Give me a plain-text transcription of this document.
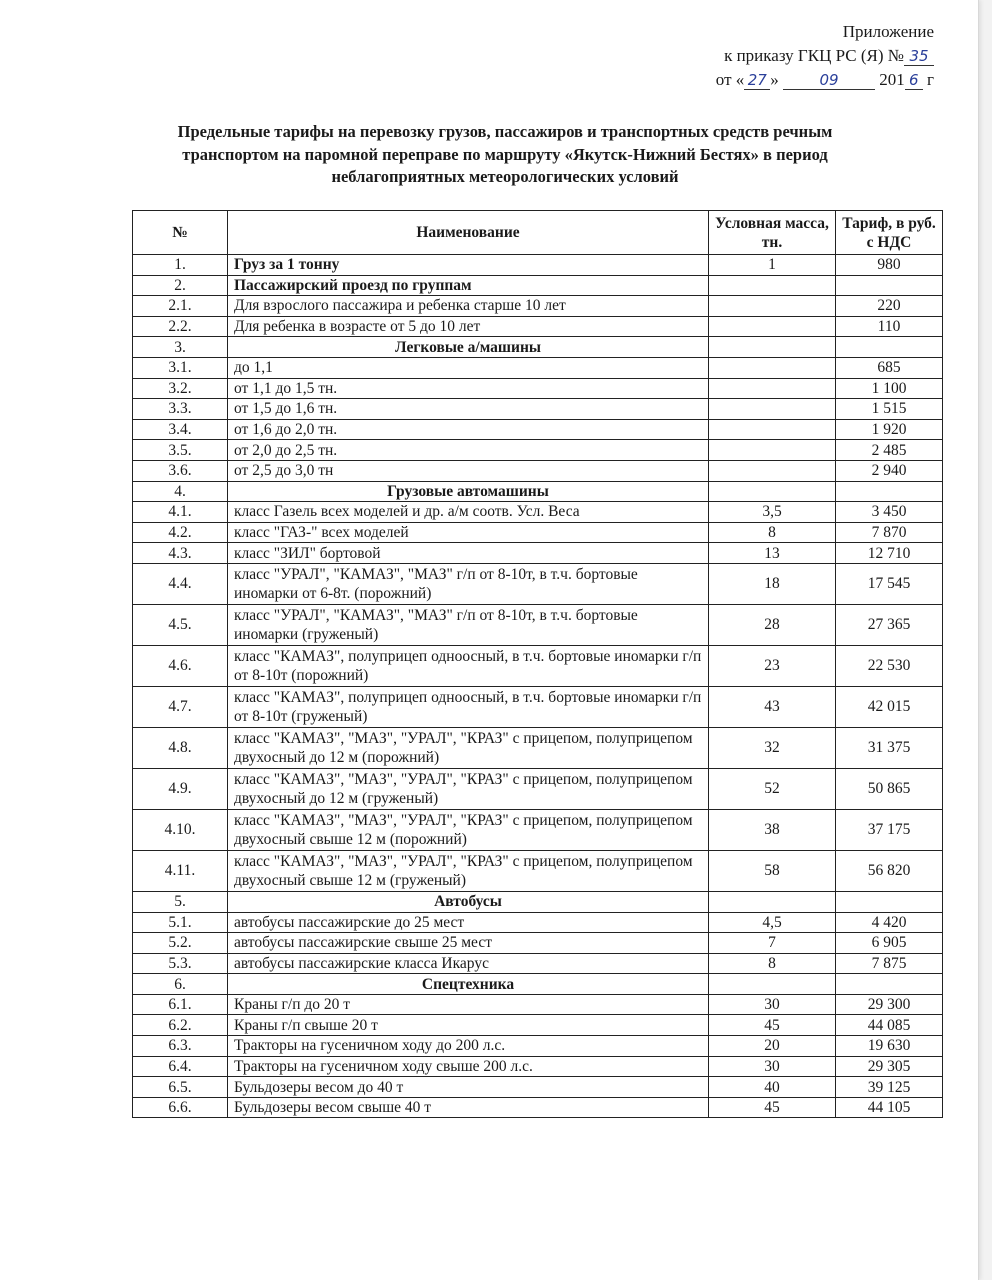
Приложение
к приказу ГКЦ РС (Я) № 35
от « 27 »	09 201 6 г
Предельные тарифы на перевозку грузов, пассажиров и транспортных средств речным транспортом на паромной переправе по маршруту «Якутск-Нижний Бестях» в период неблагоприятных метеорологических условий
№	Наименование	Условная масса, тн.	Тариф, в руб. с НДС
1.	Груз за 1 тонну	1	980
2.	Пассажирский проезд по группам		
2.1.	Для взрослого пассажира и ребенка старше 10 лет		220
2.2.	Для ребенка в возрасте от 5 до 10 лет		110
3.	Легковые а/машины		
3.1.	до 1,1		685
3.2.	от 1,1 до 1,5 тн.		1 100
3.3.	от 1,5 до 1,6 тн.		1 515
3.4.	от 1,6 до 2,0 тн.		1 920
3.5.	от 2,0 до 2,5 тн.		2 485
3.6.	от 2,5 до 3,0 тн		2 940
4.	Грузовые автомашины		
4.1.	класс Газель всех моделей и др. а/м соотв. Усл. Веса	3,5	3 450
4.2.	класс "ГАЗ-" всех моделей	8	7 870
4.3.	класс "ЗИЛ" бортовой	13	12 710
4.4.	класс "УРАЛ", "КАМАЗ", "МАЗ" г/п от 8-10т, в т.ч. бортовые иномарки от 6-8т. (порожний)	18	17 545
4.5.	класс "УРАЛ", "КАМАЗ", "МАЗ" г/п от 8-10т, в т.ч. бортовые иномарки (груженый)	28	27 365
4.6.	класс "КАМАЗ", полуприцеп одноосный, в т.ч. бортовые иномарки г/п от 8-10т (порожний)	23	22 530
4.7.	класс "КАМАЗ", полуприцеп одноосный, в т.ч. бортовые иномарки г/п от 8-10т (груженый)	43	42 015
4.8.	класс "КАМАЗ", "МАЗ", "УРАЛ", "КРАЗ" с прицепом, полуприцепом двухосный до 12 м (порожний)	32	31 375
4.9.	класс "КАМАЗ", "МАЗ", "УРАЛ", "КРАЗ" с прицепом, полуприцепом двухосный до 12 м (груженый)	52	50 865
4.10.	класс "КАМАЗ", "МАЗ", "УРАЛ", "КРАЗ" с прицепом, полуприцепом двухосный свыше 12 м (порожний)	38	37 175
4.11.	класс "КАМАЗ", "МАЗ", "УРАЛ", "КРАЗ" с прицепом, полуприцепом двухосный свыше 12 м (груженый)	58	56 820
5.	Автобусы		
5.1.	автобусы пассажирские до 25 мест	4,5	4 420
5.2.	автобусы пассажирские свыше 25 мест	7	6 905
5.3.	автобусы пассажирские класса Икарус	8	7 875
6.	Спецтехника		
6.1.	Краны г/п до 20 т	30	29 300
6.2.	Краны г/п свыше 20 т	45	44 085
6.3.	Тракторы на гусеничном ходу до 200 л.с.	20	19 630
6.4.	Тракторы на гусеничном ходу свыше 200 л.с.	30	29 305
6.5.	Бульдозеры весом до 40 т	40	39 125
6.6.	Бульдозеры весом свыше 40 т	45	44 105
